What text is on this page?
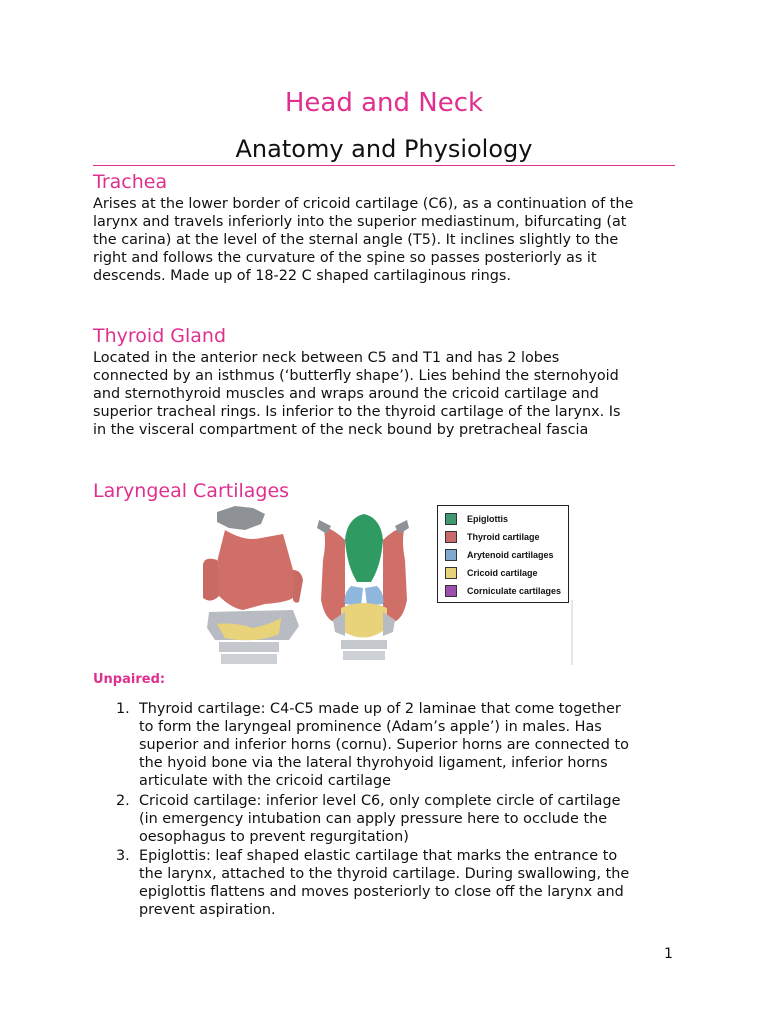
Head and Neck
Anatomy and Physiology
Trachea
Arises at the lower border of cricoid cartilage (C6), as a continuation of the
larynx and travels inferiorly into the superior mediastinum, bifurcating (at
the carina) at the level of the sternal angle (T5). It inclines slightly to the
right and follows the curvature of the spine so passes posteriorly as it
descends. Made up of 18-22 C shaped cartilaginous rings.
Thyroid Gland
Located in the anterior neck between C5 and T1 and has 2 lobes
connected by an isthmus (‘butterfly shape’). Lies behind the sternohyoid
and sternothyroid muscles and wraps around the cricoid cartilage and
superior tracheal rings. Is inferior to the thyroid cartilage of the larynx. Is
in the visceral compartment of the neck bound by pretracheal fascia
Laryngeal Cartilages
Epiglottis
Thyroid cartilage
Arytenoid cartilages
Cricoid cartilage
Corniculate cartilages
Unpaired:
1. Thyroid cartilage: C4-C5 made up of 2 laminae that come together
to form the laryngeal prominence (Adam’s apple’) in males. Has
superior and inferior horns (cornu). Superior horns are connected to
the hyoid bone via the lateral thyrohyoid ligament, inferior horns
articulate with the cricoid cartilage
2. Cricoid cartilage: inferior level C6, only complete circle of cartilage
(in emergency intubation can apply pressure here to occlude the
oesophagus to prevent regurgitation)
3. Epiglottis: leaf shaped elastic cartilage that marks the entrance to
the larynx, attached to the thyroid cartilage. During swallowing, the
epiglottis flattens and moves posteriorly to close off the larynx and
prevent aspiration.
1
